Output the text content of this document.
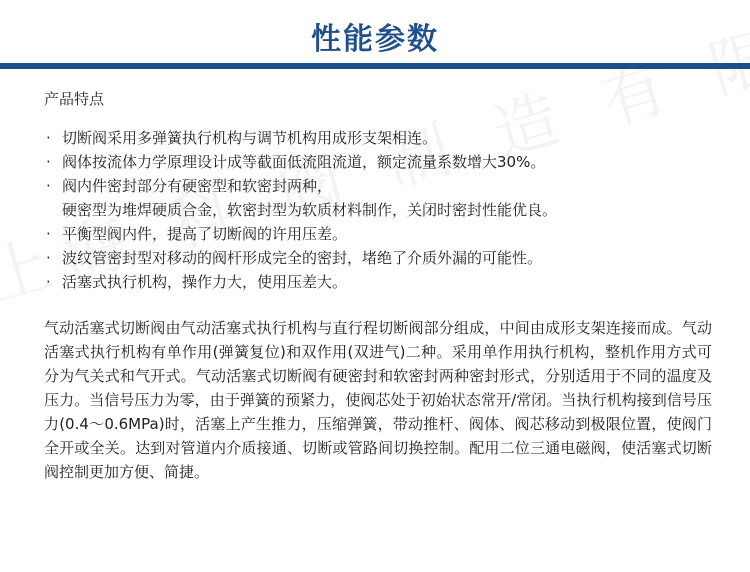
性能参数
产品特点
· 切断阀采用多弹簧执行机构与调节机构用成形支架相连。
· 阀体按流体力学原理设计成等截面低流阻流道，额定流量系数增大30%。
· 阀内件密封部分有硬密型和软密封两种，
硬密型为堆焊硬质合金，软密封型为软质材料制作，关闭时密封性能优良。
· 平衡型阀内件，提高了切断阀的许用压差。
· 波纹管密封型对移动的阀杆形成完全的密封，堵绝了介质外漏的可能性。
· 活塞式执行机构，操作力大，使用压差大。

气动活塞式切断阀由气动活塞式执行机构与直行程切断阀部分组成，中间由成形支架连接而成。气动活塞式执行机构有单作用(弹簧复位)和双作用(双进气)二种。采用单作用执行机构，整机作用方式可分为气关式和气开式。气动活塞式切断阀有硬密封和软密封两种密封形式，分别适用于不同的温度及压力。当信号压力为零，由于弹簧的预紧力，使阀芯处于初始状态常开/常闭。当执行机构接到信号压力(0.4～0.6MPa)时，活塞上产生推力，压缩弹簧，带动推杆、阀体、阀芯移动到极限位置，使阀门全开或全关。达到对管道内介质接通、切断或管路间切换控制。配用二位三通电磁阀，使活塞式切断阀控制更加方便、简捷。
